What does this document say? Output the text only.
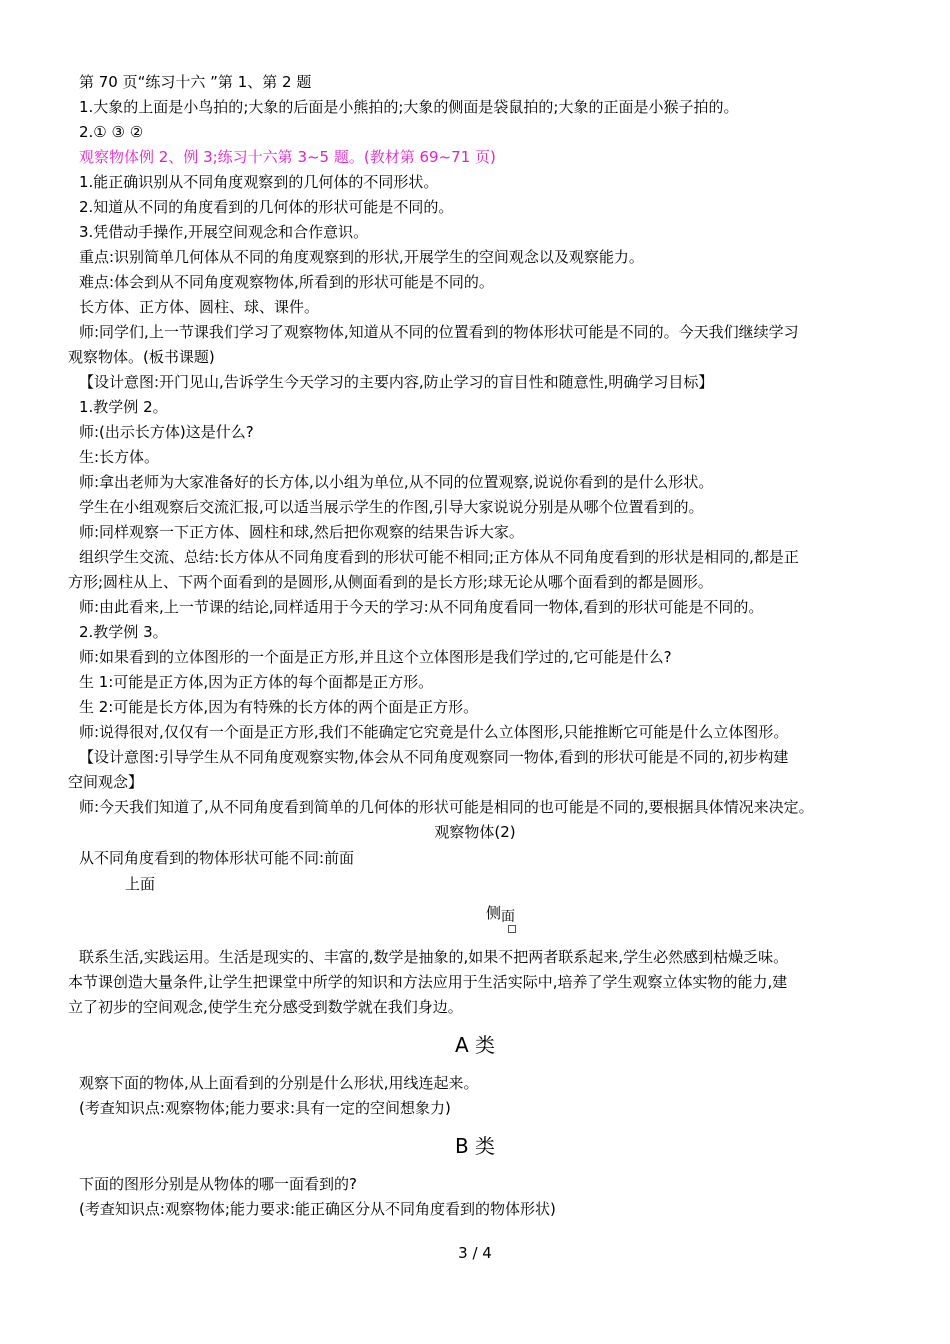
第 70 页“练习十六 ”第 1、第 2 题
1.大象的上面是小鸟拍的;大象的后面是小熊拍的;大象的侧面是袋鼠拍的;大象的正面是小猴子拍的。
2.① ③ ②
观察物体例 2、例 3;练习十六第 3~5 题。(教材第 69~71 页)
1.能正确识别从不同角度观察到的几何体的不同形状。
2.知道从不同的角度看到的几何体的形状可能是不同的。
3.凭借动手操作,开展空间观念和合作意识。
重点:识别简单几何体从不同的角度观察到的形状,开展学生的空间观念以及观察能力。
难点:体会到从不同角度观察物体,所看到的形状可能是不同的。
长方体、正方体、圆柱、球、课件。
师:同学们,上一节课我们学习了观察物体,知道从不同的位置看到的物体形状可能是不同的。今天我们继续学习
观察物体。(板书课题)
【设计意图:开门见山,告诉学生今天学习的主要内容,防止学习的盲目性和随意性,明确学习目标】
1.教学例 2。
师:(出示长方体)这是什么?
生:长方体。
师:拿出老师为大家准备好的长方体,以小组为单位,从不同的位置观察,说说你看到的是什么形状。
学生在小组观察后交流汇报,可以适当展示学生的作图,引导大家说说分别是从哪个位置看到的。
师:同样观察一下正方体、圆柱和球,然后把你观察的结果告诉大家。
组织学生交流、总结:长方体从不同角度看到的形状可能不相同;正方体从不同角度看到的形状是相同的,都是正
方形;圆柱从上、下两个面看到的是圆形,从侧面看到的是长方形;球无论从哪个面看到的都是圆形。
师:由此看来,上一节课的结论,同样适用于今天的学习:从不同角度看同一物体,看到的形状可能是不同的。
2.教学例 3。
师:如果看到的立体图形的一个面是正方形,并且这个立体图形是我们学过的,它可能是什么?
生 1:可能是正方体,因为正方体的每个面都是正方形。
生 2:可能是长方体,因为有特殊的长方体的两个面是正方形。
师:说得很对,仅仅有一个面是正方形,我们不能确定它究竟是什么立体图形,只能推断它可能是什么立体图形。
【设计意图:引导学生从不同角度观察实物,体会从不同角度观察同一物体,看到的形状可能是不同的,初步构建
空间观念】
师:今天我们知道了,从不同角度看到简单的几何体的形状可能是相同的也可能是不同的,要根据具体情况来决定。
观察物体(2)
从不同角度看到的物体形状可能不同:前面
上面
侧面
联系生活,实践运用。生活是现实的、丰富的,数学是抽象的,如果不把两者联系起来,学生必然感到枯燥乏味。
本节课创造大量条件,让学生把课堂中所学的知识和方法应用于生活实际中,培养了学生观察立体实物的能力,建
立了初步的空间观念,使学生充分感受到数学就在我们身边。
A 类
观察下面的物体,从上面看到的分别是什么形状,用线连起来。
(考查知识点:观察物体;能力要求:具有一定的空间想象力)
B 类
下面的图形分别是从物体的哪一面看到的?
(考查知识点:观察物体;能力要求:能正确区分从不同角度看到的物体形状)
3 / 4
